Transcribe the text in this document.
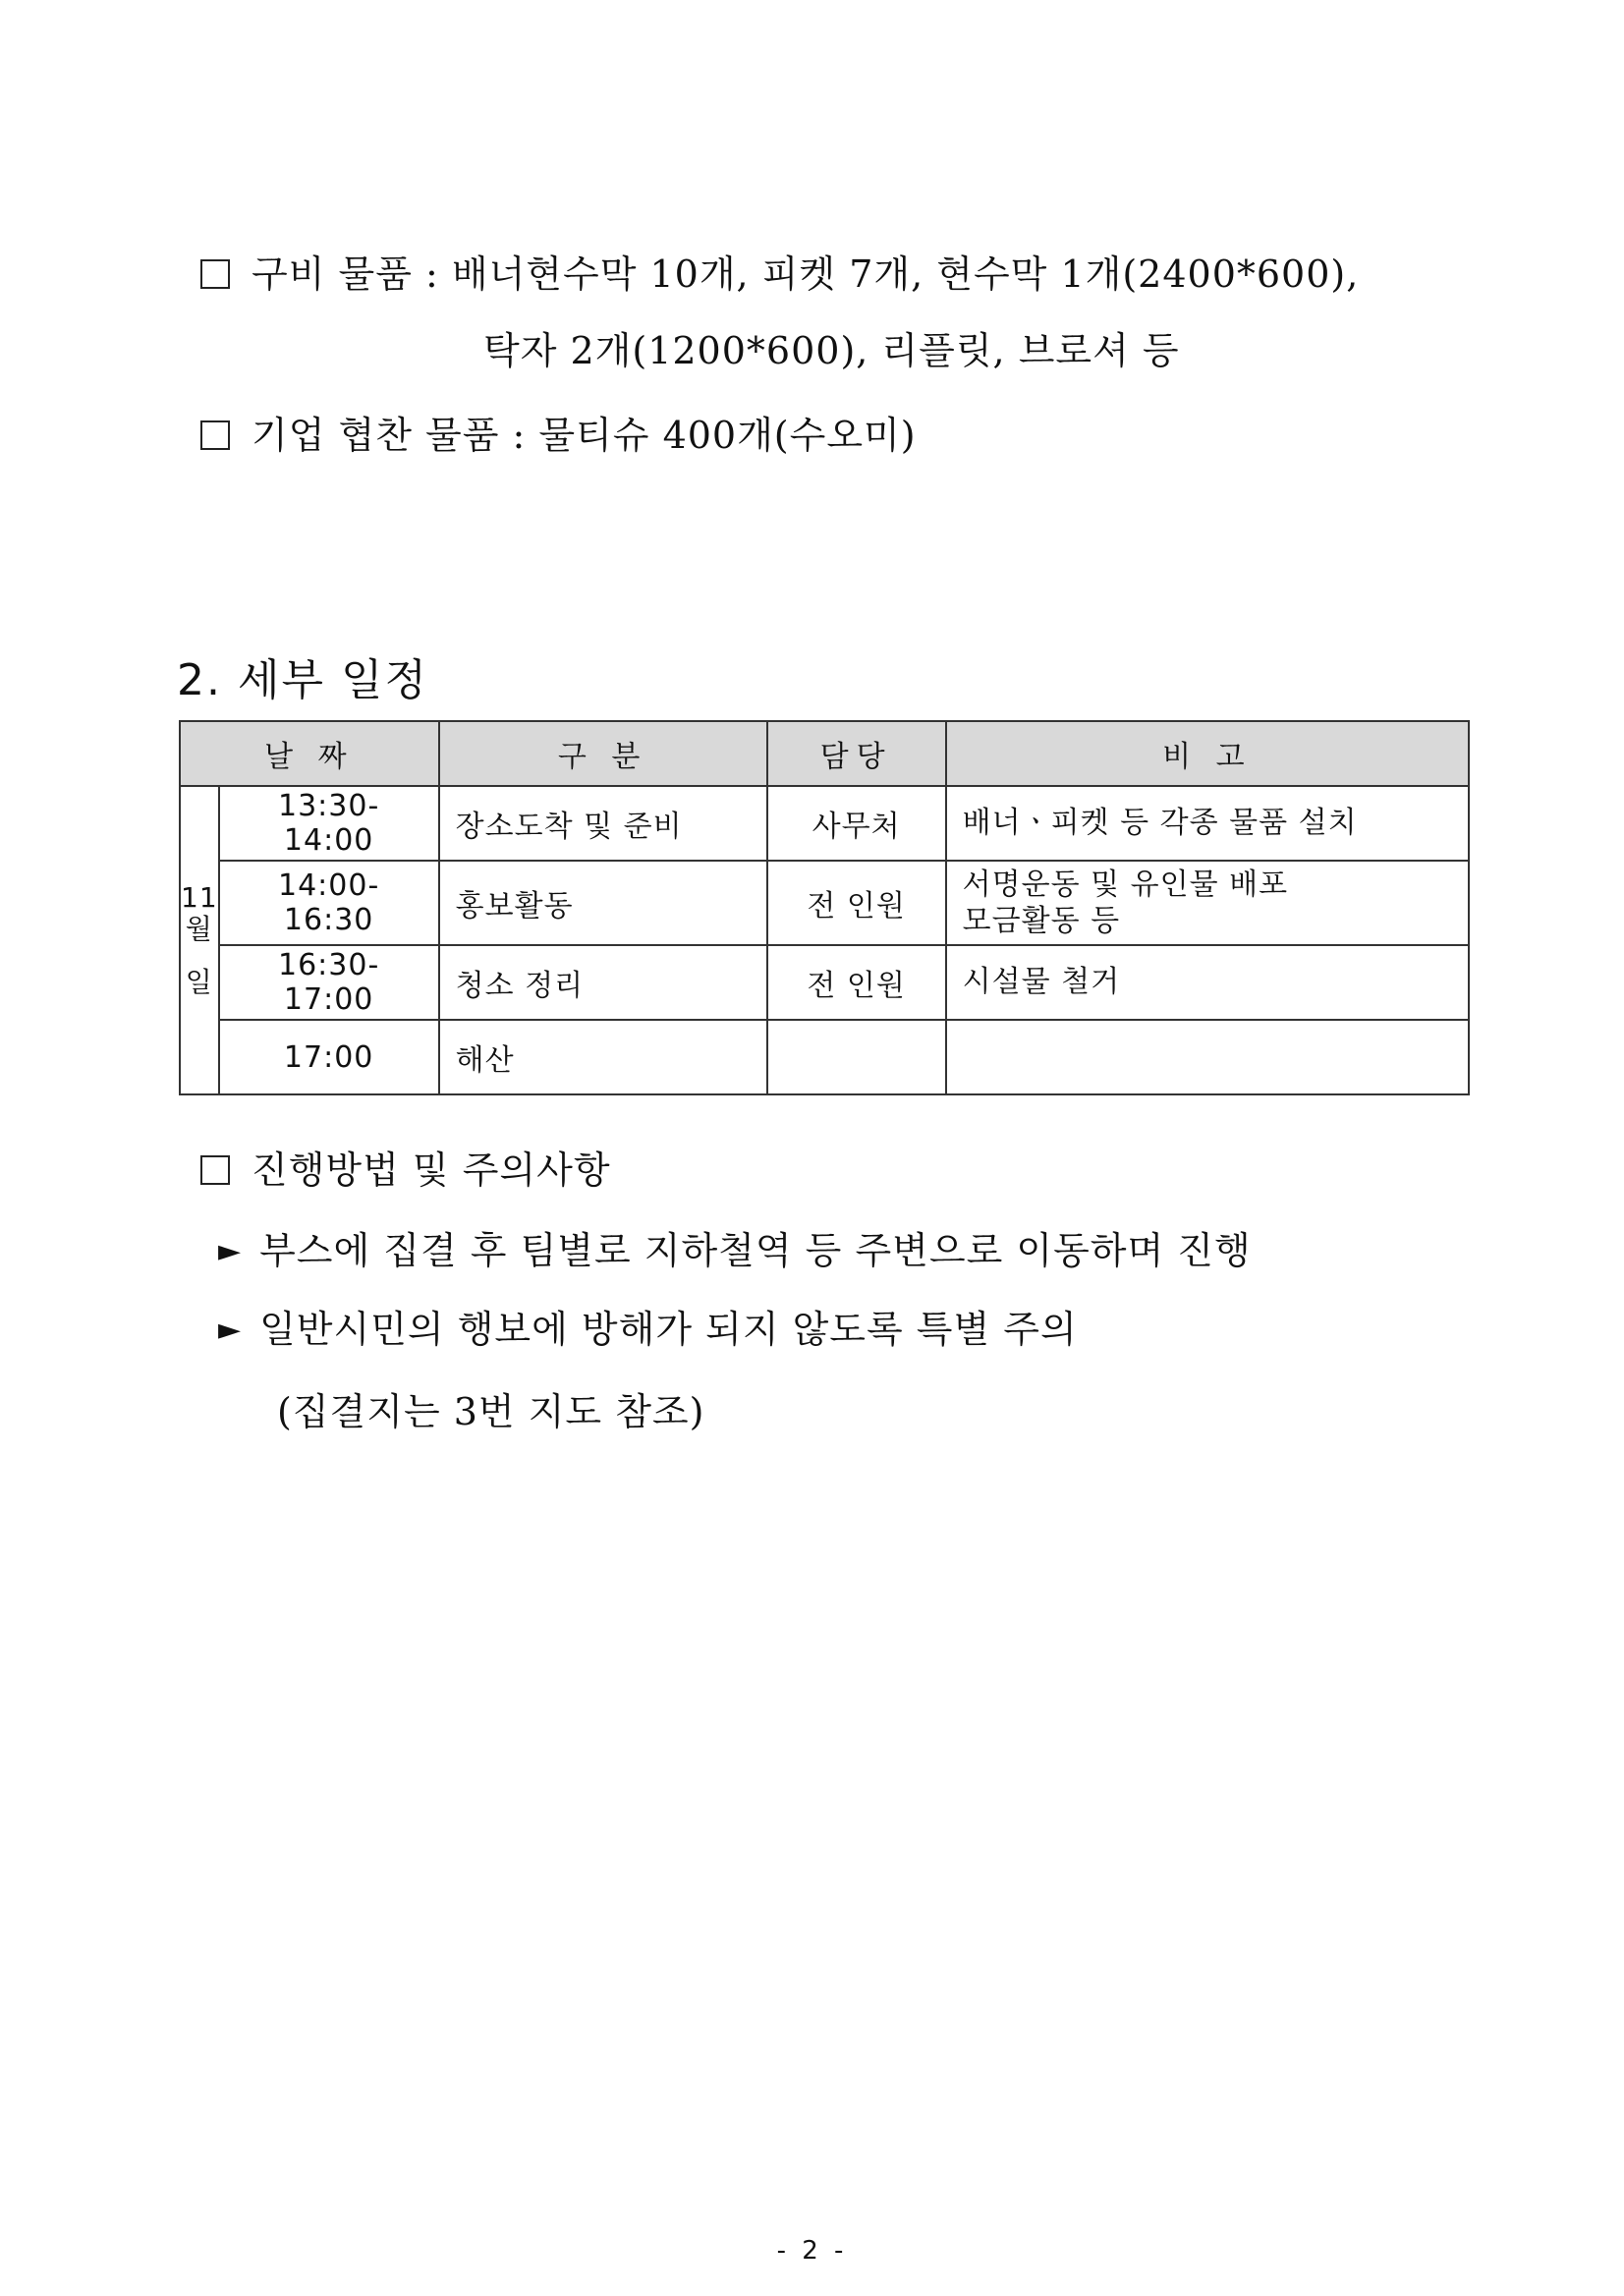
구비 물품 : 배너현수막 10개, 피켓 7개, 현수막 1개(2400*600),
탁자 2개(1200*600), 리플릿, 브로셔 등
기업 협찬 물품 : 물티슈 400개(수오미)
2. 세부 일정
날 짜		구 분	담당	비 고

11
월
일	13:30-14:00	장소도착 및 준비	사무처	배너ㆍ피켓 등 각종 물품 설치
	14:00-16:30	홍보활동	전 인원	서명운동 및 유인물 배포
모금활동 등
	16:30-17:00	청소 정리	전 인원	시설물 철거
	17:00	해산		
진행방법 및 주의사항
► 부스에 집결 후 팀별로 지하철역 등 주변으로 이동하며 진행
► 일반시민의 행보에 방해가 되지 않도록 특별 주의
(집결지는 3번 지도 참조)
- 2 -
